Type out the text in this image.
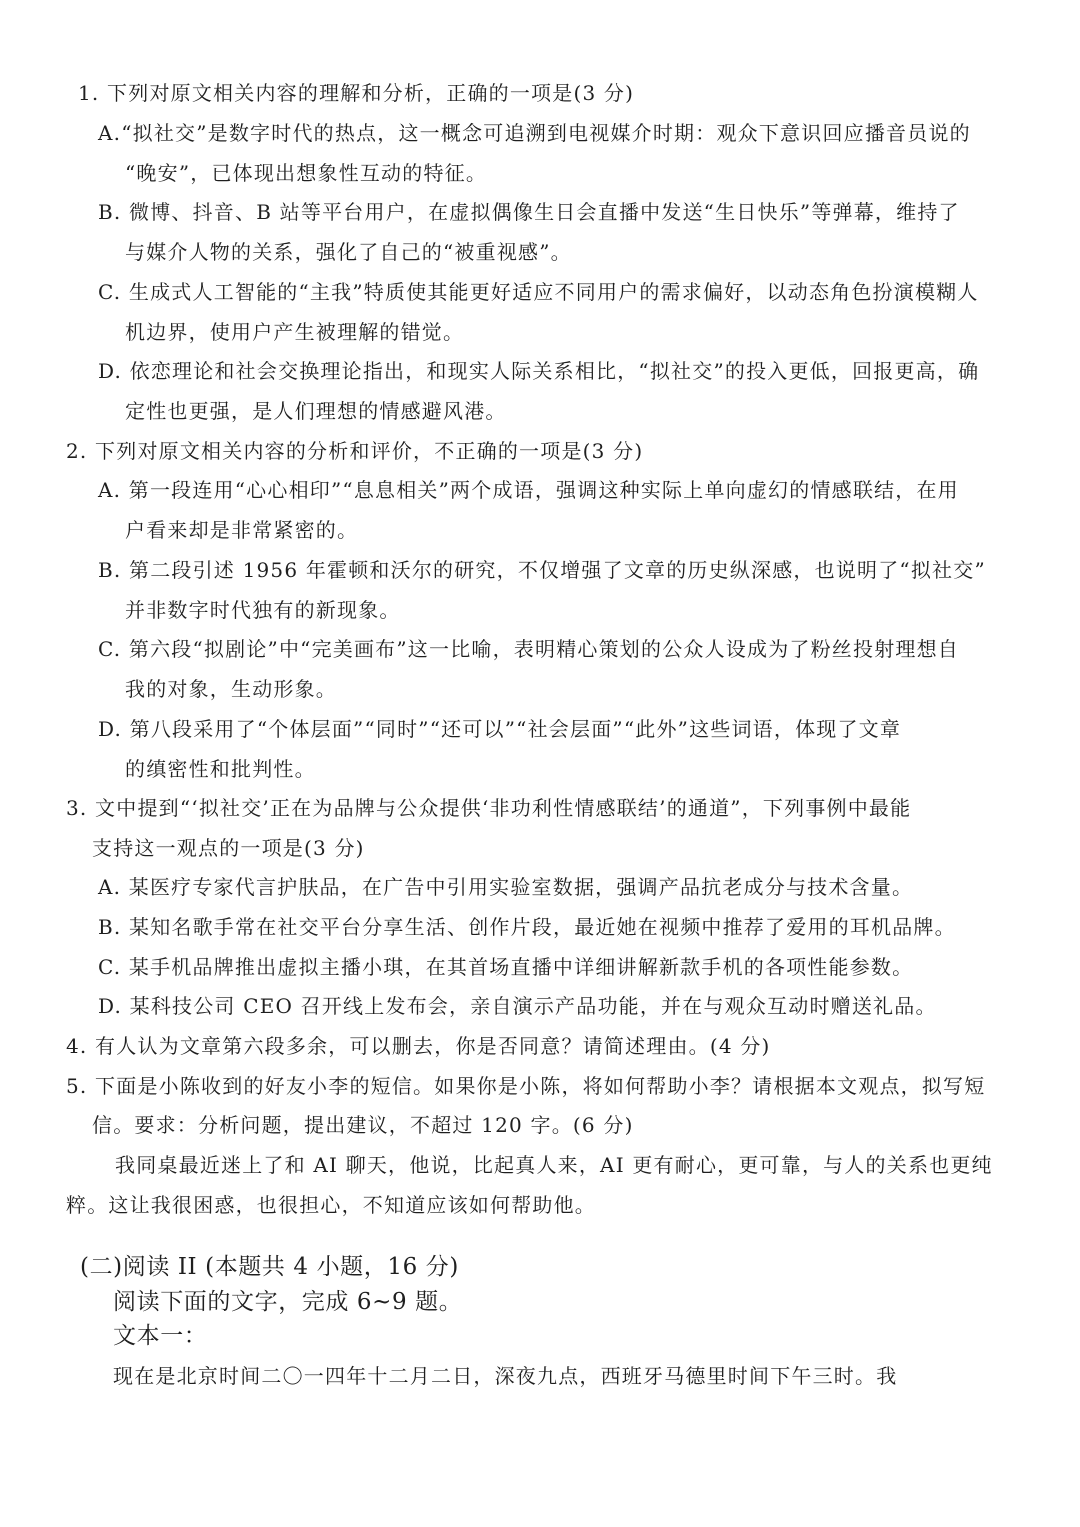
1. 下列对原文相关内容的理解和分析，正确的一项是(3 分)
A.“拟社交”是数字时代的热点，这一概念可追溯到电视媒介时期：观众下意识回应播音员说的
“晚安”，已体现出想象性互动的特征。
B. 微博、抖音、B 站等平台用户，在虚拟偶像生日会直播中发送“生日快乐”等弹幕，维持了
与媒介人物的关系，强化了自己的“被重视感”。
C. 生成式人工智能的“主我”特质使其能更好适应不同用户的需求偏好，以动态角色扮演模糊人
机边界，使用户产生被理解的错觉。
D. 依恋理论和社会交换理论指出，和现实人际关系相比，“拟社交”的投入更低，回报更高，确
定性也更强，是人们理想的情感避风港。
2. 下列对原文相关内容的分析和评价，不正确的一项是(3 分)
A. 第一段连用“心心相印”“息息相关”两个成语，强调这种实际上单向虚幻的情感联结，在用
户看来却是非常紧密的。
B. 第二段引述 1956 年霍顿和沃尔的研究，不仅增强了文章的历史纵深感，也说明了“拟社交”
并非数字时代独有的新现象。
C. 第六段“拟剧论”中“完美画布”这一比喻，表明精心策划的公众人设成为了粉丝投射理想自
我的对象，生动形象。
D. 第八段采用了“个体层面”“同时”“还可以”“社会层面”“此外”这些词语，体现了文章
的缜密性和批判性。
3. 文中提到“‘拟社交’正在为品牌与公众提供‘非功利性情感联结’的通道”，下列事例中最能
支持这一观点的一项是(3 分)
A. 某医疗专家代言护肤品，在广告中引用实验室数据，强调产品抗老成分与技术含量。
B. 某知名歌手常在社交平台分享生活、创作片段，最近她在视频中推荐了爱用的耳机品牌。
C. 某手机品牌推出虚拟主播小琪，在其首场直播中详细讲解新款手机的各项性能参数。
D. 某科技公司 CEO 召开线上发布会，亲自演示产品功能，并在与观众互动时赠送礼品。
4. 有人认为文章第六段多余，可以删去，你是否同意？请简述理由。(4 分)
5. 下面是小陈收到的好友小李的短信。如果你是小陈，将如何帮助小李？请根据本文观点，拟写短
信。要求：分析问题，提出建议，不超过 120 字。(6 分)
我同桌最近迷上了和 AI 聊天，他说，比起真人来，AI 更有耐心，更可靠，与人的关系也更纯
粹。这让我很困惑，也很担心，不知道应该如何帮助他。
(二)阅读 II (本题共 4 小题，16 分)
阅读下面的文字，完成 6~9 题。
文本一：
现在是北京时间二〇一四年十二月二日，深夜九点，西班牙马德里时间下午三时。我
